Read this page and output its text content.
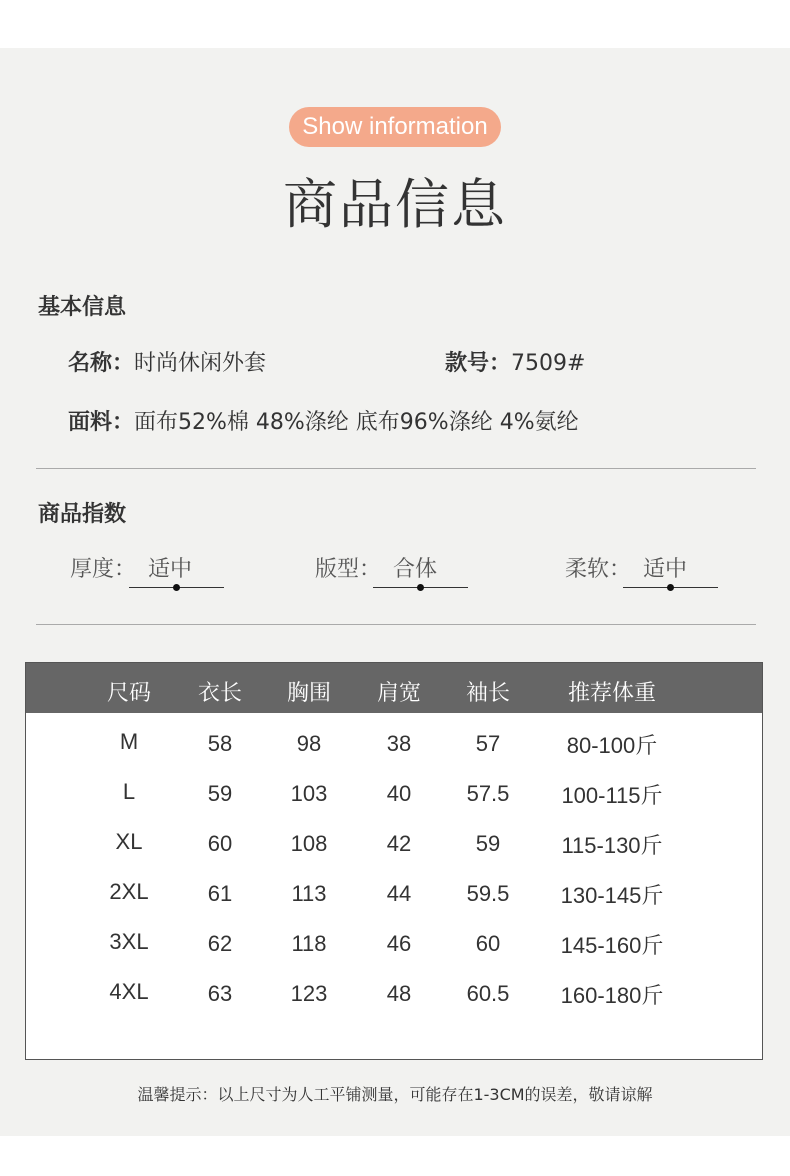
Show information
商品信息
基本信息
名称：时尚休闲外套	款号：7509#
面料：面布52%棉 48%涤纶 底布96%涤纶 4%氨纶
商品指数
厚度： 适中	版型： 合体	柔软： 适中
尺码	衣长	胸围	肩宽	袖长	推荐体重
M	58	98	38	57	80-100斤
L	59	103	40	57.5	100-115斤
XL	60	108	42	59	115-130斤
2XL	61	113	44	59.5	130-145斤
3XL	62	118	46	60	145-160斤
4XL	63	123	48	60.5	160-180斤
温馨提示：以上尺寸为人工平铺测量，可能存在1-3CM的误差，敬请谅解
